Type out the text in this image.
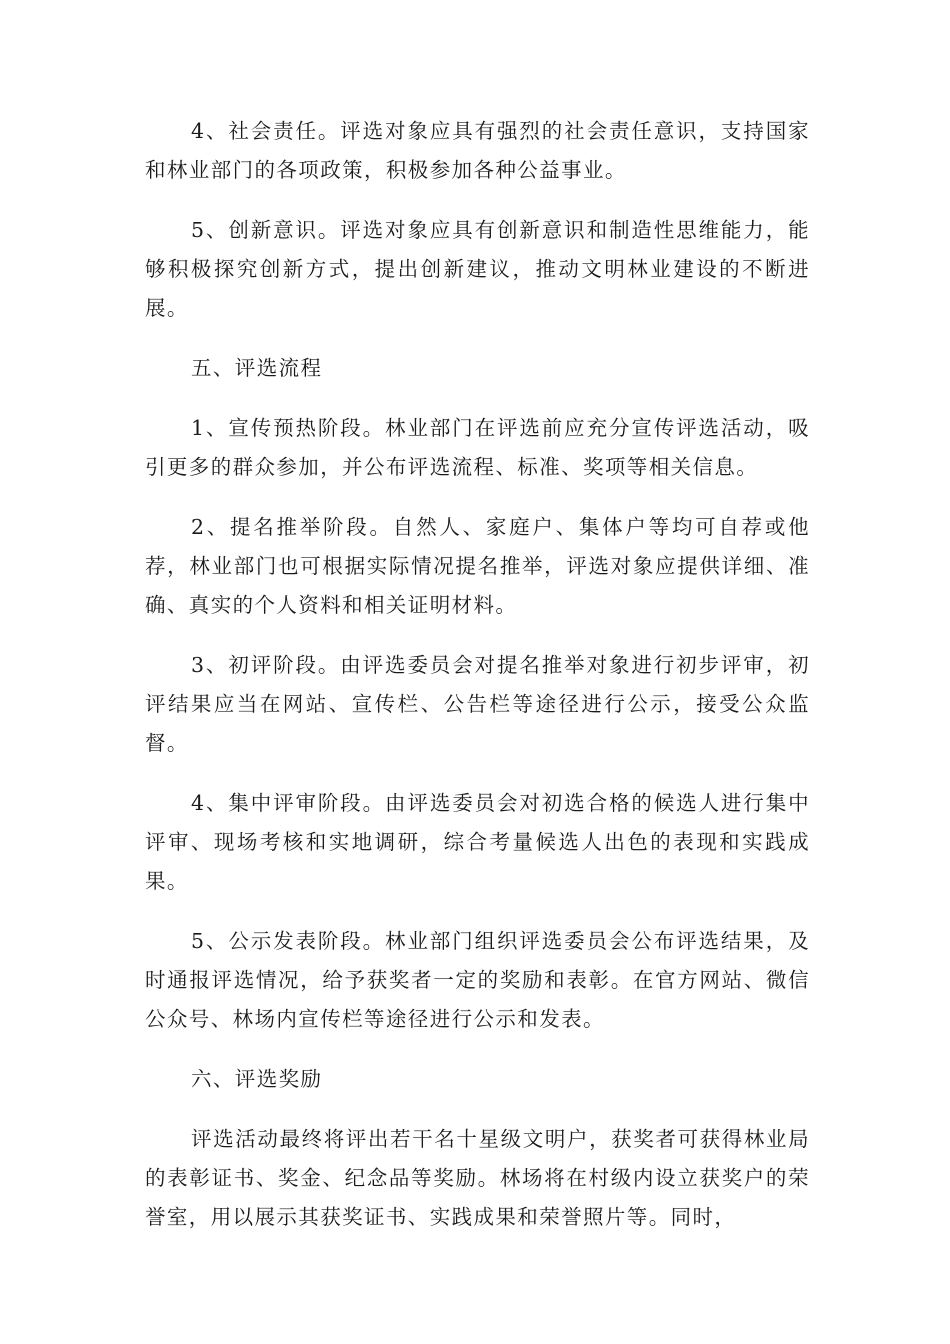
4、社会责任。评选对象应具有强烈的社会责任意识，支持国家和林业部门的各项政策，积极参加各种公益事业。

5、创新意识。评选对象应具有创新意识和制造性思维能力，能够积极探究创新方式，提出创新建议，推动文明林业建设的不断进展。

五、评选流程

1、宣传预热阶段。林业部门在评选前应充分宣传评选活动，吸引更多的群众参加，并公布评选流程、标准、奖项等相关信息。

2、提名推举阶段。自然人、家庭户、集体户等均可自荐或他荐，林业部门也可根据实际情况提名推举，评选对象应提供详细、准确、真实的个人资料和相关证明材料。

3、初评阶段。由评选委员会对提名推举对象进行初步评审，初评结果应当在网站、宣传栏、公告栏等途径进行公示，接受公众监督。

4、集中评审阶段。由评选委员会对初选合格的候选人进行集中评审、现场考核和实地调研，综合考量候选人出色的表现和实践成果。

5、公示发表阶段。林业部门组织评选委员会公布评选结果，及时通报评选情况，给予获奖者一定的奖励和表彰。在官方网站、微信公众号、林场内宣传栏等途径进行公示和发表。

六、评选奖励

评选活动最终将评出若干名十星级文明户，获奖者可获得林业局的表彰证书、奖金、纪念品等奖励。林场将在村级内设立获奖户的荣誉室，用以展示其获奖证书、实践成果和荣誉照片等。同时，
